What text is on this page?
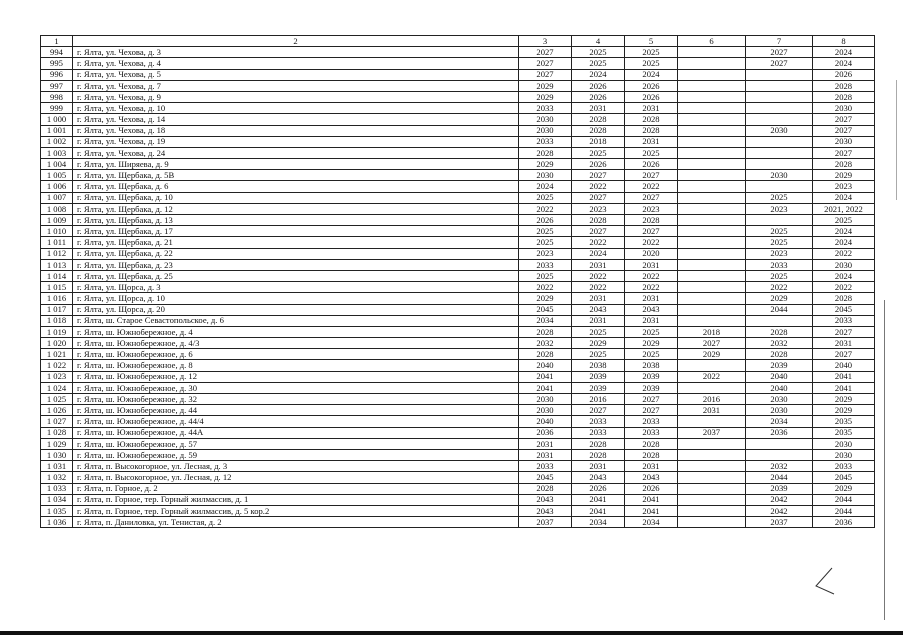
1	2	3	4	5	6	7	8
994	г. Ялта, ул. Чехова, д. 3	2027	2025	2025		2027	2024
995	г. Ялта, ул. Чехова, д. 4	2027	2025	2025		2027	2024
996	г. Ялта, ул. Чехова, д. 5	2027	2024	2024			2026
997	г. Ялта, ул. Чехова, д. 7	2029	2026	2026			2028
998	г. Ялта, ул. Чехова, д. 9	2029	2026	2026			2028
999	г. Ялта, ул. Чехова, д. 10	2033	2031	2031			2030
1 000	г. Ялта, ул. Чехова, д. 14	2030	2028	2028			2027
1 001	г. Ялта, ул. Чехова, д. 18	2030	2028	2028		2030	2027
1 002	г. Ялта, ул. Чехова, д. 19	2033	2018	2031			2030
1 003	г. Ялта, ул. Чехова, д. 24	2028	2025	2025			2027
1 004	г. Ялта, ул. Ширяева, д. 9	2029	2026	2026			2028
1 005	г. Ялта, ул. Щербака, д. 5В	2030	2027	2027		2030	2029
1 006	г. Ялта, ул. Щербака, д. 6	2024	2022	2022			2023
1 007	г. Ялта, ул. Щербака, д. 10	2025	2027	2027		2025	2024
1 008	г. Ялта, ул. Щербака, д. 12	2022	2023	2023		2023	2021, 2022
1 009	г. Ялта, ул. Щербака, д. 13	2026	2028	2028			2025
1 010	г. Ялта, ул. Щербака, д. 17	2025	2027	2027		2025	2024
1 011	г. Ялта, ул. Щербака, д. 21	2025	2022	2022		2025	2024
1 012	г. Ялта, ул. Щербака, д. 22	2023	2024	2020		2023	2022
1 013	г. Ялта, ул. Щербака, д. 23	2033	2031	2031		2033	2030
1 014	г. Ялта, ул. Щербака, д. 25	2025	2022	2022		2025	2024
1 015	г. Ялта, ул. Щорса, д. 3	2022	2022	2022		2022	2022
1 016	г. Ялта, ул. Щорса, д. 10	2029	2031	2031		2029	2028
1 017	г. Ялта, ул. Щорса, д. 20	2045	2043	2043		2044	2045
1 018	г. Ялта, ш. Старое Севастопольское, д. 6	2034	2031	2031			2033
1 019	г. Ялта, ш. Южнобережное, д. 4	2028	2025	2025	2018	2028	2027
1 020	г. Ялта, ш. Южнобережное, д. 4/3	2032	2029	2029	2027	2032	2031
1 021	г. Ялта, ш. Южнобережное, д. 6	2028	2025	2025	2029	2028	2027
1 022	г. Ялта, ш. Южнобережное, д. 8	2040	2038	2038		2039	2040
1 023	г. Ялта, ш. Южнобережное, д. 12	2041	2039	2039	2022	2040	2041
1 024	г. Ялта, ш. Южнобережное, д. 30	2041	2039	2039		2040	2041
1 025	г. Ялта, ш. Южнобережное, д. 32	2030	2016	2027	2016	2030	2029
1 026	г. Ялта, ш. Южнобережное, д. 44	2030	2027	2027	2031	2030	2029
1 027	г. Ялта, ш. Южнобережное, д. 44/4	2040	2033	2033		2034	2035
1 028	г. Ялта, ш. Южнобережное, д. 44А	2036	2033	2033	2037	2036	2035
1 029	г. Ялта, ш. Южнобережное, д. 57	2031	2028	2028			2030
1 030	г. Ялта, ш. Южнобережное, д. 59	2031	2028	2028			2030
1 031	г. Ялта, п. Высокогорное, ул. Лесная, д. 3	2033	2031	2031		2032	2033
1 032	г. Ялта, п. Высокогорное, ул. Лесная, д. 12	2045	2043	2043		2044	2045
1 033	г. Ялта, п. Горное, д. 2	2028	2026	2026		2039	2029
1 034	г. Ялта, п. Горное, тер. Горный жилмассив, д. 1	2043	2041	2041		2042	2044
1 035	г. Ялта, п. Горное, тер. Горный жилмассив, д. 5 кор.2	2043	2041	2041		2042	2044
1 036	г. Ялта, п. Даниловка, ул. Тенистая, д. 2	2037	2034	2034		2037	2036
